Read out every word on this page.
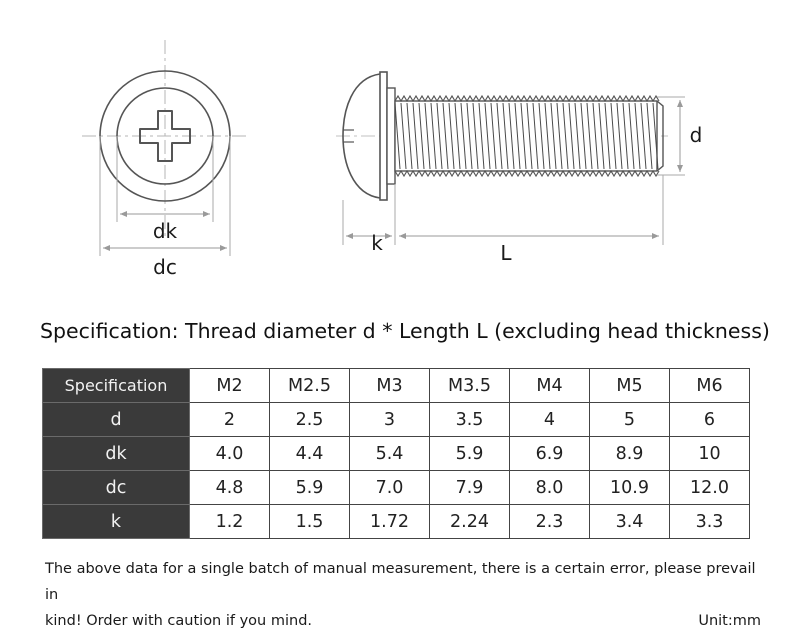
dk
dc
d
k	L
Specification: Thread diameter d * Length L (excluding head thickness)
Specification	M2	M2.5	M3	M3.5	M4	M5	M6
d	2	2.5	3	3.5	4	5	6
dk	4.0	4.4	5.4	5.9	6.9	8.9	10
dc	4.8	5.9	7.0	7.9	8.0	10.9	12.0
k	1.2	1.5	1.72	2.24	2.3	3.4	3.3
The above data for a single batch of manual measurement, there is a certain error, please prevail in
kind! Order with caution if you mind.	Unit:mm
